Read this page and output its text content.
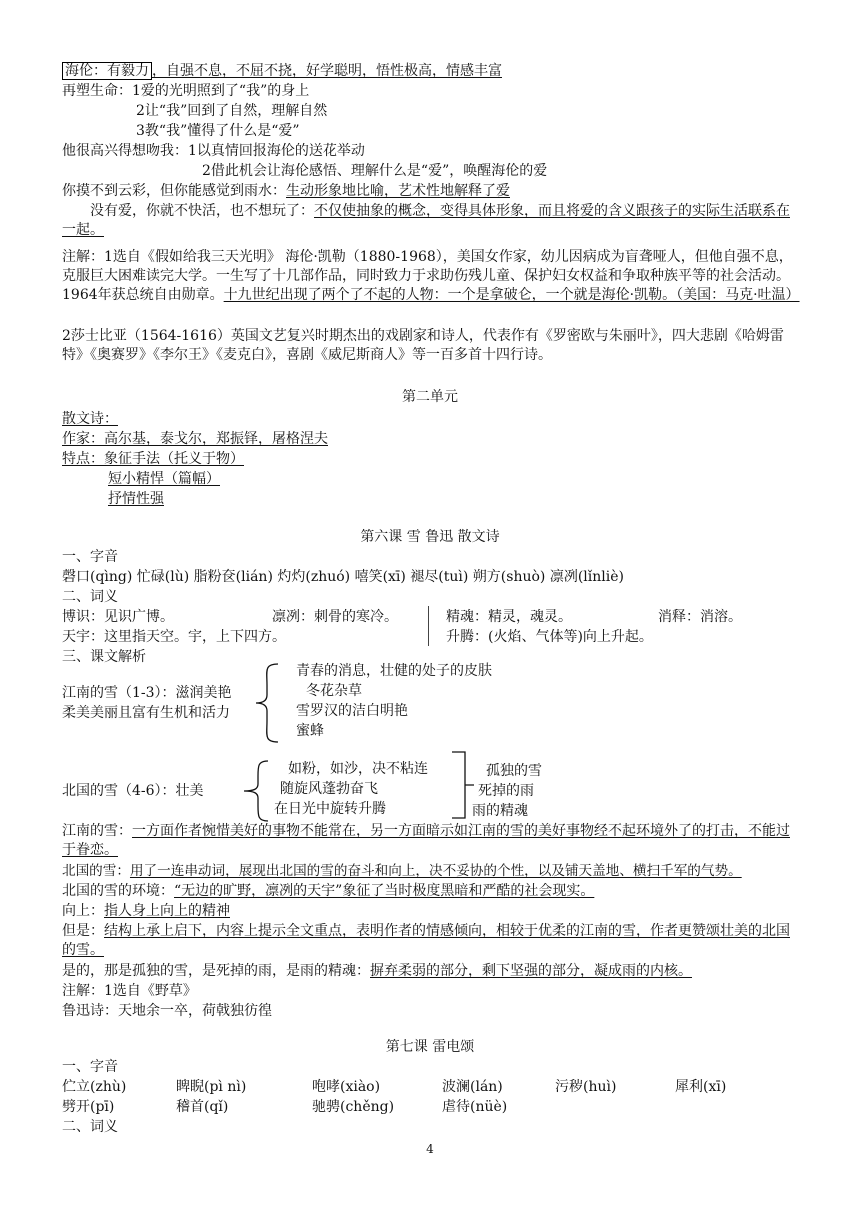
海伦：有毅力 ，自强不息，不屈不挠，好学聪明，悟性极高，情感丰富
再塑生命：1爱的光明照到了“我”的身上
2让“我”回到了自然，理解自然
3教“我”懂得了什么是“爱”
他很高兴得想吻我：1以真情回报海伦的送花举动
2借此机会让海伦感悟、理解什么是“爱”，唤醒海伦的爱
你摸不到云彩，但你能感觉到雨水：生动形象地比喻，艺术性地解释了爱
没有爱，你就不快活，也不想玩了：不仅使抽象的概念，变得具体形象，而且将爱的含义跟孩子的实际生活联系在一起。
注解：1选自《假如给我三天光明》 海伦·凯勒（1880-1968），美国女作家，幼儿因病成为盲聋哑人，但他自强不息，克服巨大困难读完大学。一生写了十几部作品，同时致力于求助伤残儿童、保护妇女权益和争取种族平等的社会活动。1964年获总统自由勋章。十九世纪出现了两个了不起的人物：一个是拿破仑，一个就是海伦·凯勒。（美国：马克·吐温）
2莎士比亚（1564-1616）英国文艺复兴时期杰出的戏剧家和诗人，代表作有《罗密欧与朱丽叶》，四大悲剧《哈姆雷特》《奥赛罗》《李尔王》《麦克白》，喜剧《威尼斯商人》等一百多首十四行诗。
第二单元
散文诗：
作家：高尔基，泰戈尔，郑振铎，屠格涅夫
特点：象征手法（托义于物）
短小精悍（篇幅）
抒情性强
第六课 雪 鲁迅 散文诗
一、字音
磬口(qìng) 忙碌(lù) 脂粉奁(lián) 灼灼(zhuó) 嘻笑(xī) 褪尽(tuì) 朔方(shuò) 凛冽(lǐnliè)
二、词义
博识：见识广博。	凛冽：刺骨的寒冷。	精魂：精灵，魂灵。	消释：消溶。
天宇：这里指天空。宇，上下四方。	升腾：(火焰、气体等)向上升起。
三、课文解析
江南的雪（1-3）：滋润美艳
柔美美丽且富有生机和活力
青春的消息，壮健的处子的皮肤
冬花杂草
雪罗汉的洁白明艳
蜜蜂
北国的雪（4-6）：壮美
如粉，如沙，决不粘连
随旋风蓬勃奋飞
在日光中旋转升腾
孤独的雪
死掉的雨
雨的精魂
江南的雪：一方面作者惋惜美好的事物不能常在，另一方面暗示如江南的雪的美好事物经不起环境外了的打击，不能过于眷恋。
北国的雪：用了一连串动词，展现出北国的雪的奋斗和向上，决不妥协的个性，以及铺天盖地、横扫千军的气势。
北国的雪的环境：“无边的旷野，凛冽的天宇”象征了当时极度黑暗和严酷的社会现实。
向上：指人身上向上的精神
但是：结构上承上启下，内容上提示全文重点，表明作者的情感倾向，相较于优柔的江南的雪，作者更赞颂壮美的北国的雪。
是的，那是孤独的雪，是死掉的雨，是雨的精魂：摒弃柔弱的部分，剩下坚强的部分，凝成雨的内核。
注解：1选自《野草》
鲁迅诗：天地余一卒，荷戟独彷徨
第七课 雷电颂
一、字音
伫立(zhù)	睥睨(pì nì)	咆哮(xiào)	波澜(lán)	污秽(huì)	犀利(xī)
劈开(pī)	稽首(qǐ)	驰骋(chěng)	虐待(nüè)
二、词义
4
